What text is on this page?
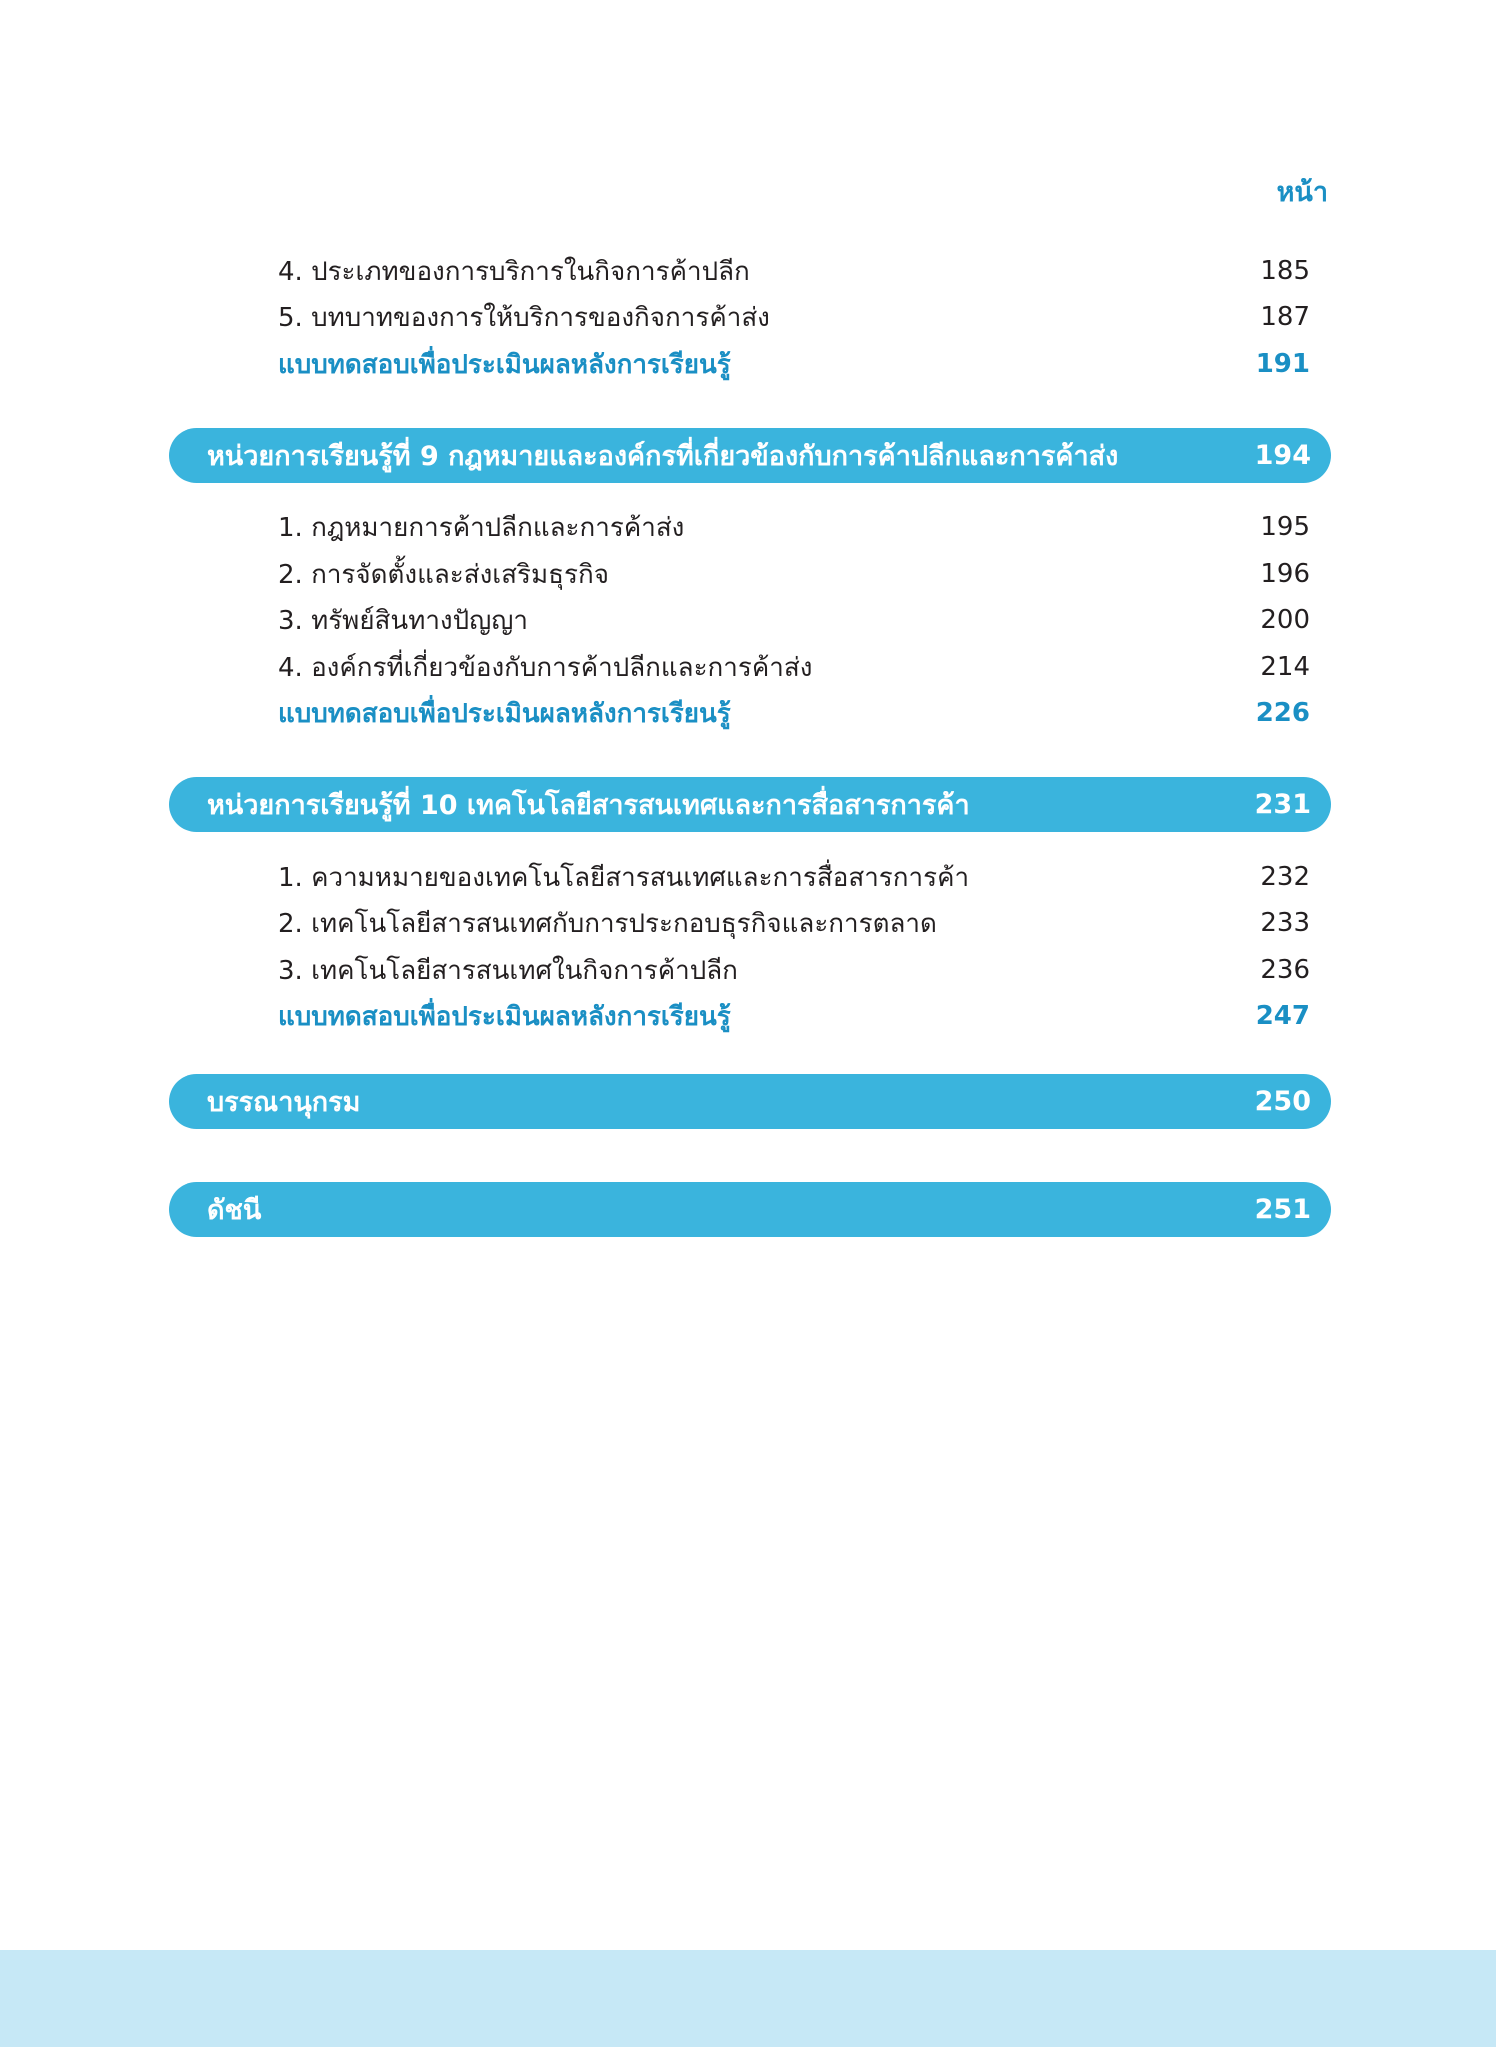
หน้า
4. ประเภทของการบริการในกิจการค้าปลีก	185
5. บทบาทของการให้บริการของกิจการค้าส่ง	187
แบบทดสอบเพื่อประเมินผลหลังการเรียนรู้	191
หน่วยการเรียนรู้ที่ 9 กฎหมายและองค์กรที่เกี่ยวข้องกับการค้าปลีกและการค้าส่ง	194
1. กฎหมายการค้าปลีกและการค้าส่ง	195
2. การจัดตั้งและส่งเสริมธุรกิจ	196
3. ทรัพย์สินทางปัญญา	200
4. องค์กรที่เกี่ยวข้องกับการค้าปลีกและการค้าส่ง	214
แบบทดสอบเพื่อประเมินผลหลังการเรียนรู้	226
หน่วยการเรียนรู้ที่ 10 เทคโนโลยีสารสนเทศและการสื่อสารการค้า	231
1. ความหมายของเทคโนโลยีสารสนเทศและการสื่อสารการค้า	232
2. เทคโนโลยีสารสนเทศกับการประกอบธุรกิจและการตลาด	233
3. เทคโนโลยีสารสนเทศในกิจการค้าปลีก	236
แบบทดสอบเพื่อประเมินผลหลังการเรียนรู้	247
บรรณานุกรม	250
ดัชนี	251
